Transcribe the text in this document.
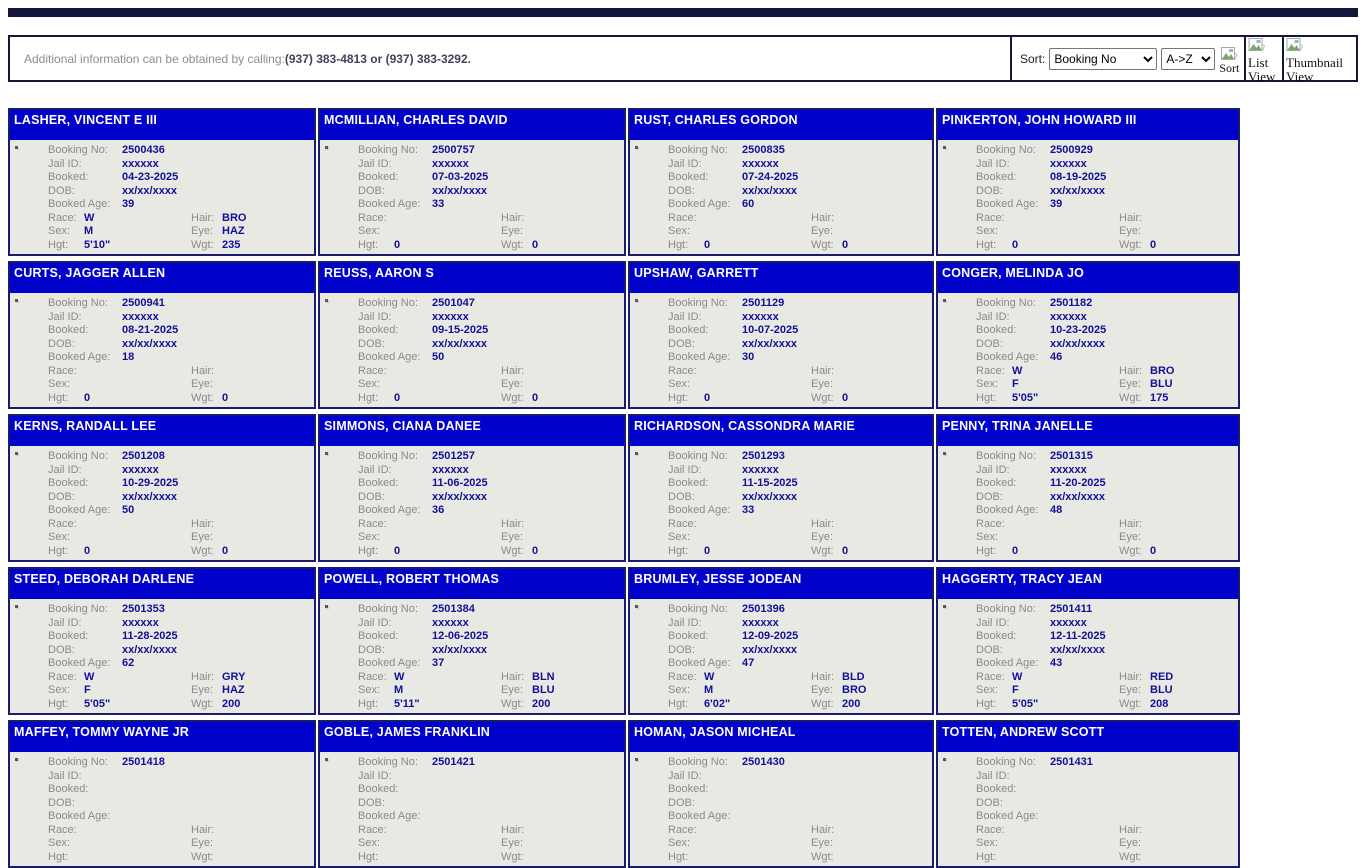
Additional information can be obtained by calling: (937) 383-4813 or (937) 383-3292 .	Sort:
Booking No
A->Z
Sort List View
Thumbnail View
LASHER, VINCENT E III
Booking No:	2500436
Jail ID:	xxxxxx
Booked:	04-23-2025
DOB:	xx/xx/xxxx
Booked Age:	39
Race: W	Hair: BRO
Sex:	M	Eye: HAZ
Hgt:	5'10"	Wgt: 235
MCMILLIAN, CHARLES DAVID
Booking No:	2500757
Jail ID:	xxxxxx
Booked:	07-03-2025
DOB:	xx/xx/xxxx
Booked Age:	33
Race:	Hair:
Sex:	Eye:
Hgt:	0	Wgt: 0
RUST, CHARLES GORDON
Booking No:	2500835
Jail ID:	xxxxxx
Booked:	07-24-2025
DOB:	xx/xx/xxxx
Booked Age:	60
Race:	Hair:
Sex:	Eye:
Hgt:	0	Wgt: 0
PINKERTON, JOHN HOWARD III
Booking No:	2500929
Jail ID:	xxxxxx
Booked:	08-19-2025
DOB:	xx/xx/xxxx
Booked Age:	39
Race:	Hair:
Sex:	Eye:
Hgt:	0	Wgt: 0
CURTS, JAGGER ALLEN
Booking No:	2500941
Jail ID:	xxxxxx
Booked:	08-21-2025
DOB:	xx/xx/xxxx
Booked Age:	18
Race:	Hair:
Sex:	Eye:
Hgt:	0	Wgt: 0
REUSS, AARON S
Booking No:	2501047
Jail ID:	xxxxxx
Booked:	09-15-2025
DOB:	xx/xx/xxxx
Booked Age:	50
Race:	Hair:
Sex:	Eye:
Hgt:	0	Wgt: 0
UPSHAW, GARRETT
Booking No:	2501129
Jail ID:	xxxxxx
Booked:	10-07-2025
DOB:	xx/xx/xxxx
Booked Age:	30
Race:	Hair:
Sex:	Eye:
Hgt:	0	Wgt: 0
CONGER, MELINDA JO
Booking No:	2501182
Jail ID:	xxxxxx
Booked:	10-23-2025
DOB:	xx/xx/xxxx
Booked Age:	46
Race: W	Hair: BRO
Sex:	F	Eye: BLU
Hgt:	5'05"	Wgt: 175
KERNS, RANDALL LEE
Booking No:	2501208
Jail ID:	xxxxxx
Booked:	10-29-2025
DOB:	xx/xx/xxxx
Booked Age:	50
Race:	Hair:
Sex:	Eye:
Hgt:	0	Wgt: 0
SIMMONS, CIANA DANEE
Booking No:	2501257
Jail ID:	xxxxxx
Booked:	11-06-2025
DOB:	xx/xx/xxxx
Booked Age:	36
Race:	Hair:
Sex:	Eye:
Hgt:	0	Wgt: 0
RICHARDSON, CASSONDRA MARIE
Booking No:	2501293
Jail ID:	xxxxxx
Booked:	11-15-2025
DOB:	xx/xx/xxxx
Booked Age:	33
Race:	Hair:
Sex:	Eye:
Hgt:	0	Wgt: 0
PENNY, TRINA JANELLE
Booking No:	2501315
Jail ID:	xxxxxx
Booked:	11-20-2025
DOB:	xx/xx/xxxx
Booked Age:	48
Race:	Hair:
Sex:	Eye:
Hgt:	0	Wgt: 0
STEED, DEBORAH DARLENE
Booking No:	2501353
Jail ID:	xxxxxx
Booked:	11-28-2025
DOB:	xx/xx/xxxx
Booked Age:	62
Race: W	Hair: GRY
Sex:	F	Eye: HAZ
Hgt:	5'05"	Wgt: 200
POWELL, ROBERT THOMAS
Booking No:	2501384
Jail ID:	xxxxxx
Booked:	12-06-2025
DOB:	xx/xx/xxxx
Booked Age:	37
Race: W	Hair: BLN
Sex:	M	Eye: BLU
Hgt:	5'11"	Wgt: 200
BRUMLEY, JESSE JODEAN
Booking No:	2501396
Jail ID:	xxxxxx
Booked:	12-09-2025
DOB:	xx/xx/xxxx
Booked Age:	47
Race: W	Hair: BLD
Sex:	M	Eye: BRO
Hgt:	6'02"	Wgt: 200
HAGGERTY, TRACY JEAN
Booking No:	2501411
Jail ID:	xxxxxx
Booked:	12-11-2025
DOB:	xx/xx/xxxx
Booked Age:	43
Race: W	Hair: RED
Sex:	F	Eye: BLU
Hgt:	5'05"	Wgt: 208
MAFFEY, TOMMY WAYNE JR
Booking No:	2501418
Jail ID:
Booked:
DOB:
Booked Age:
Race:	Hair:
Sex:	Eye:
Hgt:	Wgt:
GOBLE, JAMES FRANKLIN
Booking No:	2501421
Jail ID:
Booked:
DOB:
Booked Age:
Race:	Hair:
Sex:	Eye:
Hgt:	Wgt:
HOMAN, JASON MICHEAL
Booking No:	2501430
Jail ID:
Booked:
DOB:
Booked Age:
Race:	Hair:
Sex:	Eye:
Hgt:	Wgt:
TOTTEN, ANDREW SCOTT
Booking No:	2501431
Jail ID:
Booked:
DOB:
Booked Age:
Race:	Hair:
Sex:	Eye:
Hgt:	Wgt:
